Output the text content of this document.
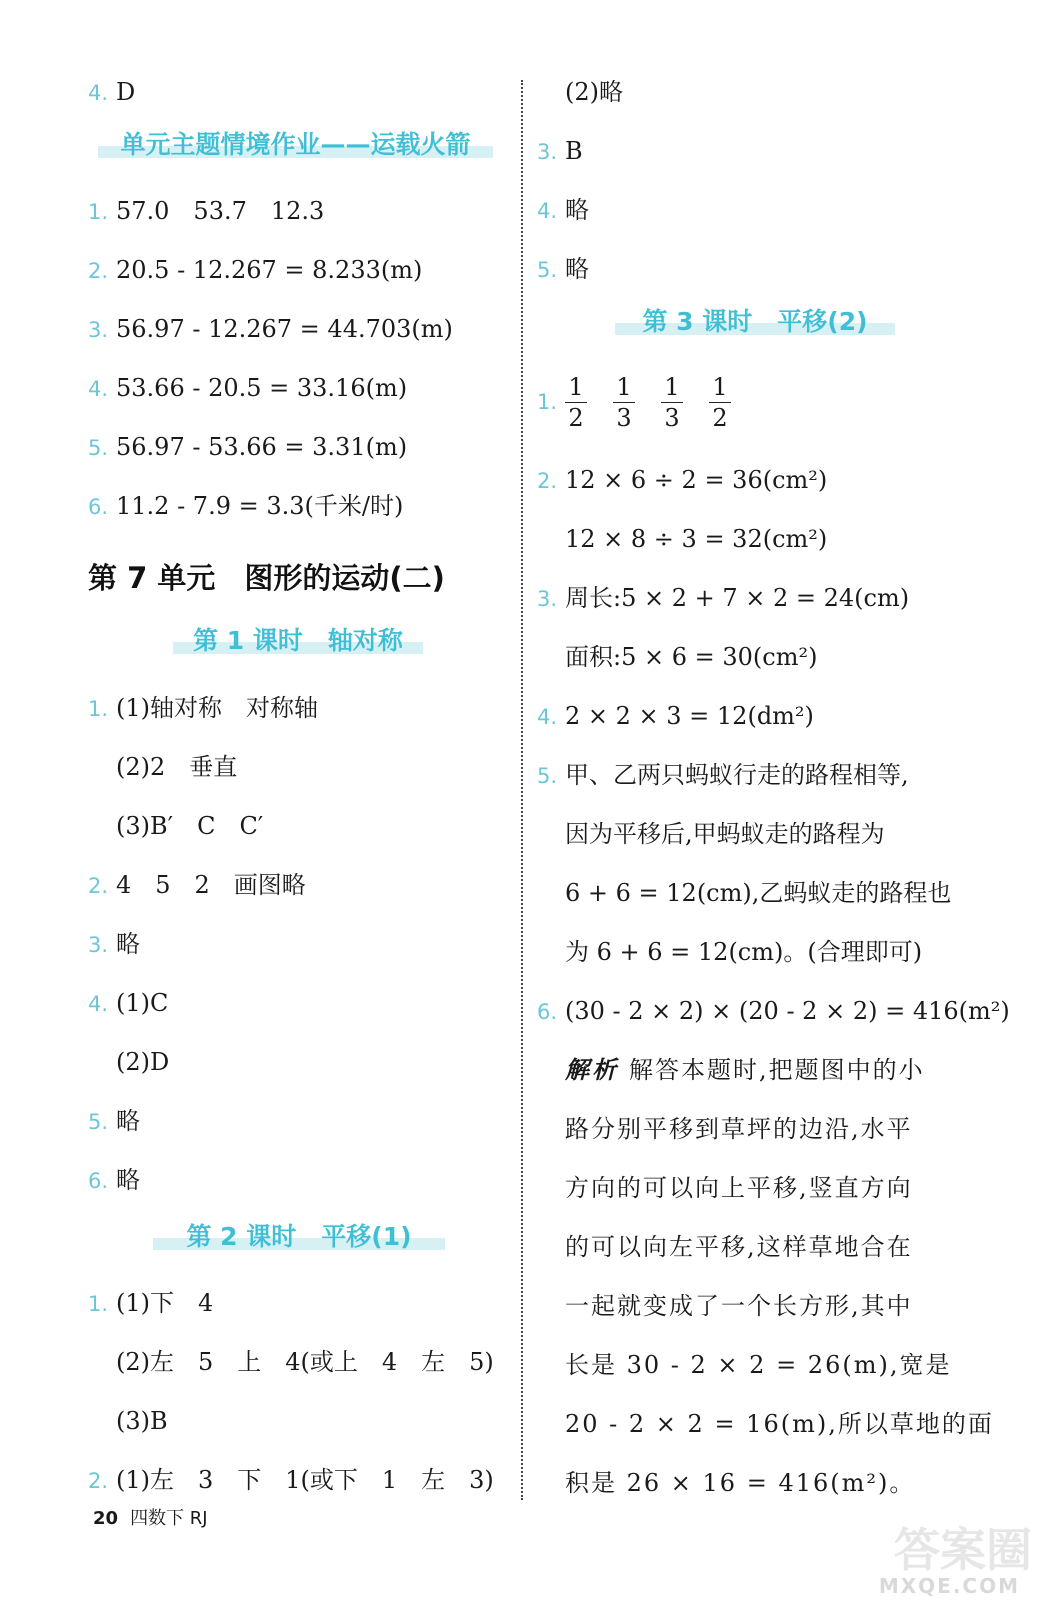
4. D
单元主题情境作业——运载火箭
1. 57.0　53.7　12.3
2. 20.5 - 12.267 = 8.233(m)
3. 56.97 - 12.267 = 44.703(m)
4. 53.66 - 20.5 = 33.16(m)
5. 56.97 - 53.66 = 3.31(m)
6. 11.2 - 7.9 = 3.3(千米/时)
第 7 单元　图形的运动(二)
第 1 课时　轴对称
1. (1)轴对称　对称轴
(2)2　垂直
(3)B′　C　C′
2. 4　5　2　画图略
3. 略
4. (1)C
(2)D
5. 略
6. 略
第 2 课时　平移(1)
1. (1)下　4
(2)左　5　上　4(或上　4　左　5)
(3)B
2. (1)左　3　下　1(或下　1　左　3)
(2)略
3. B
4. 略
5. 略
第 3 课时　平移(2)
1. $\frac{1}{2} \frac{1}{3} \frac{1}{3} \frac{1}{2}$
2. 12 × 6 ÷ 2 = 36(cm²)
12 × 8 ÷ 3 = 32(cm²)
3. 周长:5 × 2 + 7 × 2 = 24(cm)
面积:5 × 6 = 30(cm²)
4. 2 × 2 × 3 = 12(dm²)
5. 甲、乙两只蚂蚁行走的路程相等,
因为平移后,甲蚂蚁走的路程为
6 + 6 = 12(cm),乙蚂蚁走的路程也
为 6 + 6 = 12(cm)。(合理即可)
6. (30 - 2 × 2) × (20 - 2 × 2) = 416(m²)
解析 解答本题时,把题图中的小
路分别平移到草坪的边沿,水平
方向的可以向上平移,竖直方向
的可以向左平移,这样草地合在
一起就变成了一个长方形,其中
长是 30 - 2 × 2 = 26(m),宽是
20 - 2 × 2 = 16(m),所以草地的面
积是 26 × 16 = 416(m²)。
20 四数下 RJ
答案圈
MXQE.COM
